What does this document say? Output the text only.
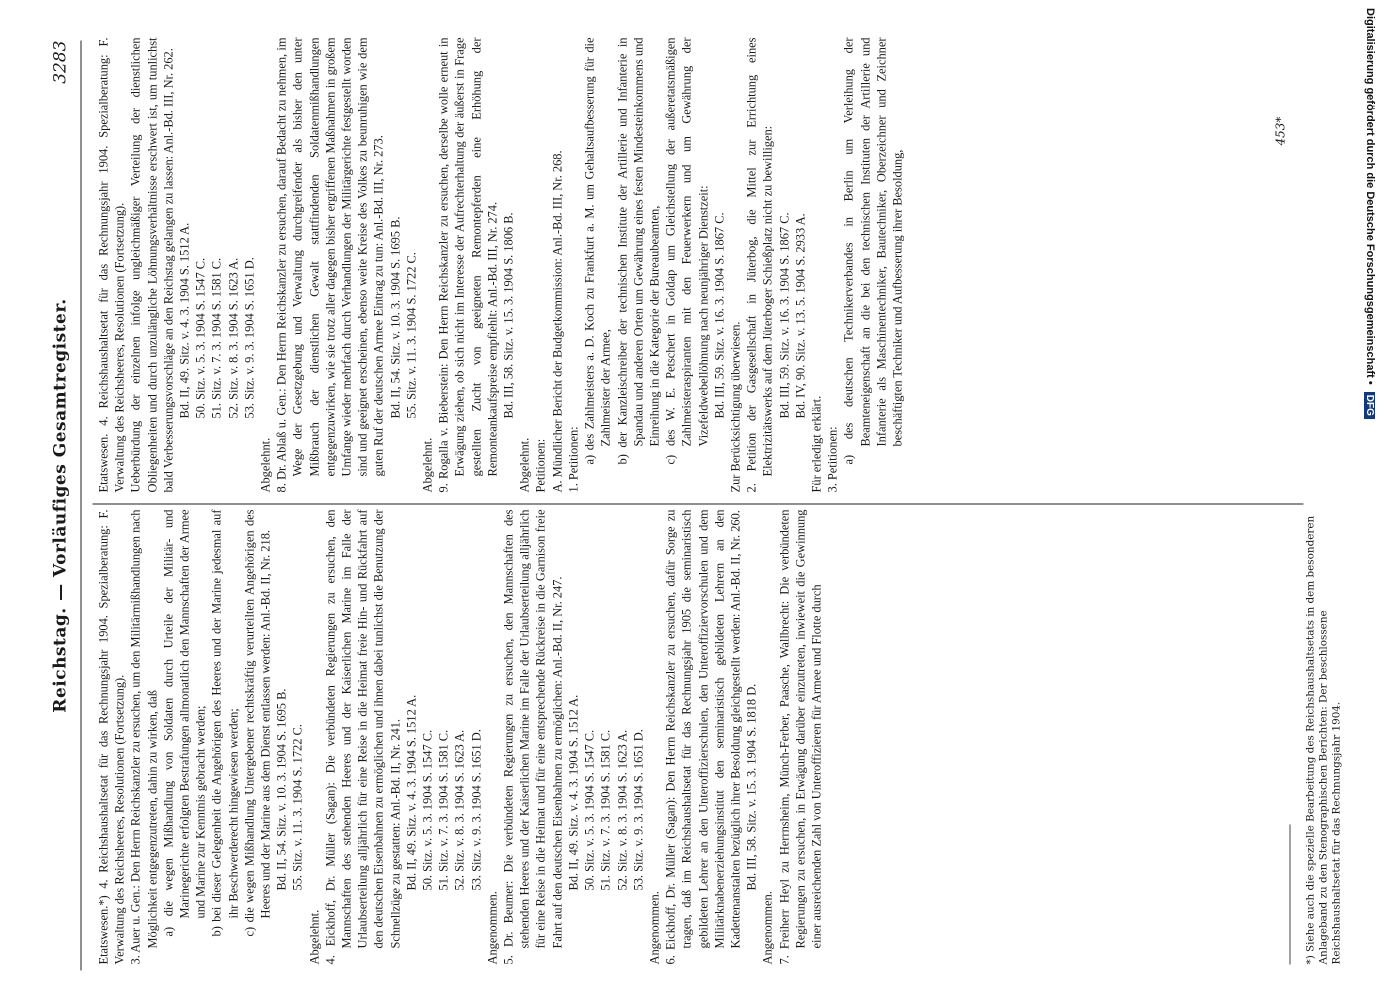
Reichstag. — Vorläufiges Gesamtregister.
3283

Etatswesen.*) 4. Reichshaushaltsetat für das Rechnungsjahr 1904. Spezialberatung: F. Verwaltung des Reichsheeres, Resolutionen (Fortsetzung). 3. Auer u. Gen.: Den Herrn Reichskanzler zu ersuchen, um den Militärmißhandlungen nach Möglichkeit entgegenzutreten, dahin zu wirken, daß a) die wegen Mißhandlung von Soldaten durch Urteile der Militär- und Marinegerichte erfolgten Bestrafungen allmonatlich den Mannschaften der Armee und Marine zur Kenntnis gebracht werden; b) bei dieser Gelegenheit die Angehörigen des Heeres und der Marine jedesmal auf ihr Beschwerderecht hingewiesen werden; c) die wegen Mißhandlung Untergebener rechtskräftig verurteilten Angehörigen des Heeres und der Marine aus dem Dienst entlassen werden: Anl.-Bd. II, Nr. 218. Bd. II, 54. Sitz. v. 10. 3. 1904 S. 1695 B. 55. Sitz. v. 11. 3. 1904 S. 1722 C.

Abgelehnt. 4. Eickhoff, Dr. Müller (Sagan): Die verbündeten Regierungen zu ersuchen, den Mannschaften des stehenden Heeres und der Kaiserlichen Marine im Falle der Urlaubserteilung alljährlich für eine Reise in die Heimat freie Hin- und Rückfahrt auf den deutschen Eisenbahnen zu ermöglichen und ihnen dabei tunlichst die Benutzung der Schnellzüge zu gestatten: Anl.-Bd. II, Nr. 241. Bd. II, 49. Sitz. v. 4. 3. 1904 S. 1512 A. 50. Sitz. v. 5. 3. 1904 S. 1547 C. 51. Sitz. v. 7. 3. 1904 S. 1581 C. 52. Sitz. v. 8. 3. 1904 S. 1623 A. 53. Sitz. v. 9. 3. 1904 S. 1651 D.

Angenommen. 5. Dr. Beumer: Die verbündeten Regierungen zu ersuchen, den Mannschaften des stehenden Heeres und der Kaiserlichen Marine im Falle der Urlaubserteilung alljährlich für eine Reise in die Heimat und für eine entsprechende Rückreise in die Garnison freie Fahrt auf den deutschen Eisenbahnen zu ermöglichen: Anl.-Bd. II, Nr. 247. Bd. II, 49. Sitz. v. 4. 3. 1904 S. 1512 A. 50. Sitz. v. 5. 3. 1904 S. 1547 C. 51. Sitz. v. 7. 3. 1904 S. 1581 C. 52. Sitz. v. 8. 3. 1904 S. 1623 A. 53. Sitz. v. 9. 3. 1904 S. 1651 D.

Angenommen. 6. Eickhoff, Dr. Müller (Sagan): Den Herrn Reichskanzler zu ersuchen, dafür Sorge zu tragen, daß im Reichshaushaltsetat für das Rechnungsjahr 1905 die seminaristisch gebildeten Lehrer an den Unteroffizierschulen, den Unteroffiziervorschulen und dem Militärknabenerziehungsinstitut den seminaristisch gebildeten Lehrern an den Kadettenanstalten bezüglich ihrer Besoldung gleichgestellt werden: Anl.-Bd. II, Nr. 260. Bd. III, 58. Sitz. v. 15. 3. 1904 S. 1818 D.

Angenommen. 7. Freiherr Heyl zu Herrnsheim, Münch-Ferber, Paasche, Wallbrecht: Die verbündeten Regierungen zu ersuchen, in Erwägung darüber einzutreten, inwieweit die Gewinnung einer ausreichenden Zahl von Unteroffizieren für Armee und Flotte durch

Etatswesen. 4. Reichshaushaltsetat für das Rechnungsjahr 1904. Spezialberatung: F. Verwaltung des Reichsheeres, Resolutionen (Fortsetzung). Ueberbürdung der einzelnen infolge ungleichmäßiger Verteilung der dienstlichen Obliegenheiten und durch unzulängliche Löhnungsverhältnisse erschwert ist, um tunlichst bald Verbesserungsvorschläge an den Reichstag gelangen zu lassen: Anl.-Bd. III, Nr. 262. Bd. II, 49. Sitz. v. 4. 3. 1904 S. 1512 A. 50. Sitz. v. 5. 3. 1904 S. 1547 C. 51. Sitz. v. 7. 3. 1904 S. 1581 C. 52. Sitz. v. 8. 3. 1904 S. 1623 A. 53. Sitz. v. 9. 3. 1904 S. 1651 D.

Abgelehnt. 8. Dr. Ablaß u. Gen.: Den Herrn Reichskanzler zu ersuchen, darauf Bedacht zu nehmen, im Wege der Gesetzgebung und Verwaltung durchgreifender als bisher den unter Mißbrauch der dienstlichen Gewalt stattfindenden Soldatenmißhandlungen entgegenzuwirken, wie sie trotz aller dagegen bisher ergriffenen Maßnahmen in großem Umfange wieder mehrfach durch Verhandlungen der Militärgerichte festgestellt worden sind und geeignet erscheinen, ebenso weite Kreise des Volkes zu beunruhigen wie dem guten Ruf der deutschen Armee Eintrag zu tun: Anl.-Bd. III, Nr. 273. Bd. II, 54. Sitz. v. 10. 3. 1904 S. 1695 B. 55. Sitz. v. 11. 3. 1904 S. 1722 C.

Abgelehnt. 9. Rogalla v. Bieberstein: Den Herrn Reichskanzler zu ersuchen, derselbe wolle erneut in Erwägung ziehen, ob sich nicht im Interesse der Aufrechterhaltung der äußerst in Frage gestellten Zucht von geeigneten Remontepferden eine Erhöhung der Remonteankaufspreise empfiehlt: Anl.-Bd. III, Nr. 274. Bd. III, 58. Sitz. v. 15. 3. 1904 S. 1806 B.

Abgelehnt. Petitionen: A. Mündlicher Bericht der Budgetkommission: Anl.-Bd. III, Nr. 268. 1. Petitionen: a) des Zahlmeisters a. D. Koch zu Frankfurt a. M. um Gehaltsaufbesserung für die Zahlmeister der Armee, b) der Kanzleischreiber der technischen Institute der Artillerie und Infanterie in Spandau und anderen Orten um Gewährung eines festen Mindesteinkommens und Einreihung in die Kategorie der Bureaubeamten, c) des W. E. Petschert in Goldap um Gleichstellung der außeretatsmäßigen Zahlmeisteraspiranten mit den Feuerwerkern und um Gewährung der Vizefeldwebellöhnung nach neunjähriger Dienstzeit: Bd. III, 59. Sitz. v. 16. 3. 1904 S. 1867 C. Zur Berücksichtigung überwiesen. 2. Petition der Gasgesellschaft in Jüterbog, die Mittel zur Errichtung eines Elektrizitätswerks auf dem Jüterboger Schießplatz nicht zu bewilligen: Bd. III, 59. Sitz. v. 16. 3. 1904 S. 1867 C. Bd. IV, 90. Sitz. v. 13. 5. 1904 S. 2933 A.

Für erledigt erklärt. 3. Petitionen: a) des deutschen Technikerverbandes in Berlin um Verleihung der Beamteneigenschaft an die bei den technischen Instituten der Artillerie und Infanterie als Maschinentechniker, Bautechniker, Oberzeichner und Zeichner beschäftigten Techniker und Aufbesserung ihrer Besoldung,

*) Siehe auch die spezielle Bearbeitung des Reichshaushaltsetats in dem besonderen Anlageband zu den Stenographischen Berichten: Der beschlossene Reichshaushaltsetat für das Rechnungsjahr 1904.

453*	Digitalisierung gefördert durch die Deutsche Forschungsgemeinschaft • DFG
